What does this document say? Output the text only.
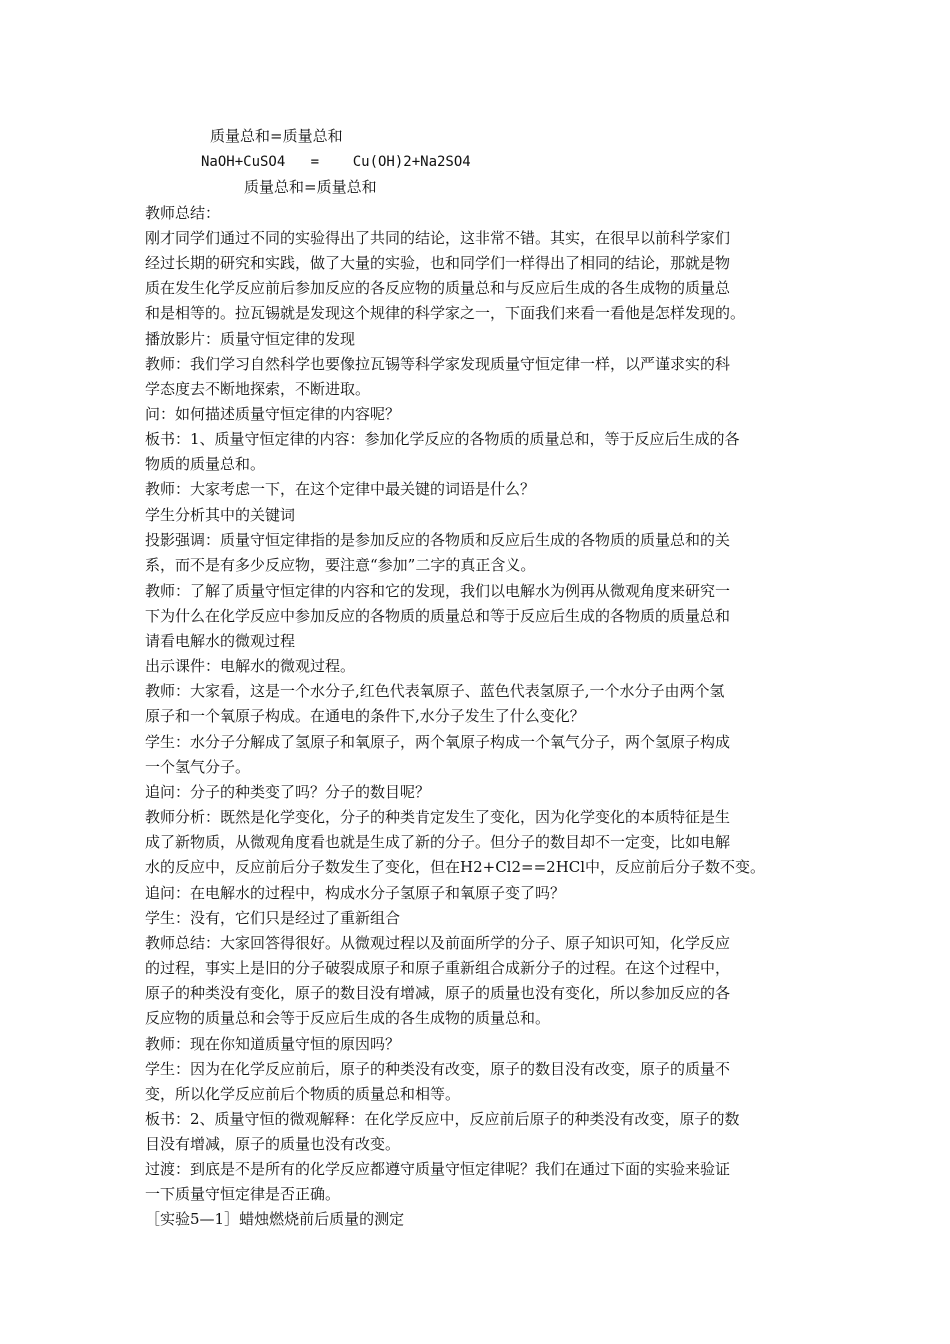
质量总和=质量总和
NaOH+CuSO4   =    Cu(OH)2+Na2SO4
质量总和=质量总和
教师总结：
刚才同学们通过不同的实验得出了共同的结论，这非常不错。其实，在很早以前科学家们
经过长期的研究和实践，做了大量的实验，也和同学们一样得出了相同的结论，那就是物
质在发生化学反应前后参加反应的各反应物的质量总和与反应后生成的各生成物的质量总
和是相等的。拉瓦锡就是发现这个规律的科学家之一，下面我们来看一看他是怎样发现的。
播放影片：质量守恒定律的发现
教师：我们学习自然科学也要像拉瓦锡等科学家发现质量守恒定律一样，以严谨求实的科
学态度去不断地探索，不断进取。
问：如何描述质量守恒定律的内容呢？
板书：1、质量守恒定律的内容：参加化学反应的各物质的质量总和，等于反应后生成的各
物质的质量总和。
教师：大家考虑一下，在这个定律中最关键的词语是什么？
学生分析其中的关键词
投影强调：质量守恒定律指的是参加反应的各物质和反应后生成的各物质的质量总和的关
系，而不是有多少反应物，要注意“参加”二字的真正含义。
教师：了解了质量守恒定律的内容和它的发现，我们以电解水为例再从微观角度来研究一
下为什么在化学反应中参加反应的各物质的质量总和等于反应后生成的各物质的质量总和
请看电解水的微观过程
出示课件：电解水的微观过程。
教师：大家看，这是一个水分子,红色代表氧原子、蓝色代表氢原子,一个水分子由两个氢
原子和一个氧原子构成。在通电的条件下,水分子发生了什么变化？
学生：水分子分解成了氢原子和氧原子，两个氧原子构成一个氧气分子，两个氢原子构成
一个氢气分子。
追问：分子的种类变了吗？分子的数目呢？
教师分析：既然是化学变化，分子的种类肯定发生了变化，因为化学变化的本质特征是生
成了新物质，从微观角度看也就是生成了新的分子。但分子的数目却不一定变，比如电解
水的反应中，反应前后分子数发生了变化，但在H2+Cl2==2HCl中，反应前后分子数不变。
追问：在电解水的过程中，构成水分子氢原子和氧原子变了吗？
学生：没有，它们只是经过了重新组合
教师总结：大家回答得很好。从微观过程以及前面所学的分子、原子知识可知，化学反应
的过程，事实上是旧的分子破裂成原子和原子重新组合成新分子的过程。在这个过程中，
原子的种类没有变化，原子的数目没有增减，原子的质量也没有变化，所以参加反应的各
反应物的质量总和会等于反应后生成的各生成物的质量总和。
教师：现在你知道质量守恒的原因吗？
学生：因为在化学反应前后，原子的种类没有改变，原子的数目没有改变，原子的质量不
变，所以化学反应前后个物质的质量总和相等。
板书：2、质量守恒的微观解释：在化学反应中，反应前后原子的种类没有改变，原子的数
目没有增减，原子的质量也没有改变。
过渡：到底是不是所有的化学反应都遵守质量守恒定律呢？我们在通过下面的实验来验证
一下质量守恒定律是否正确。
［实验5—1］蜡烛燃烧前后质量的测定
